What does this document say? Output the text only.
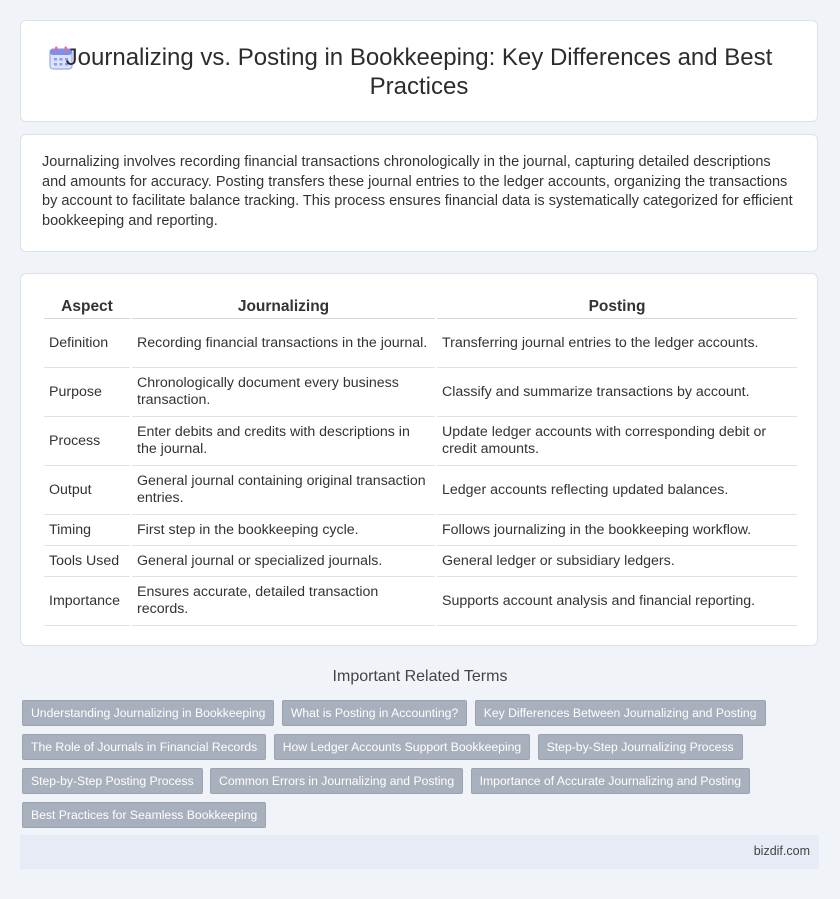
Journalizing vs. Posting in Bookkeeping: Key Differences and Best Practices

Journalizing involves recording financial transactions chronologically in the journal, capturing detailed descriptions and amounts for accuracy. Posting transfers these journal entries to the ledger accounts, organizing the transactions by account to facilitate balance tracking. This process ensures financial data is systematically categorized for efficient bookkeeping and reporting.

Aspect	Journalizing	Posting
Definition	Recording financial transactions in the journal.	Transferring journal entries to the ledger accounts.
Purpose	Chronologically document every business transaction.	Classify and summarize transactions by account.
Process	Enter debits and credits with descriptions in the journal.	Update ledger accounts with corresponding debit or credit amounts.
Output	General journal containing original transaction entries.	Ledger accounts reflecting updated balances.
Timing	First step in the bookkeeping cycle.	Follows journalizing in the bookkeeping workflow.
Tools Used	General journal or specialized journals.	General ledger or subsidiary ledgers.
Importance	Ensures accurate, detailed transaction records.	Supports account analysis and financial reporting.
Important Related Terms
Understanding Journalizing in Bookkeeping What is Posting in Accounting? Key Differences Between Journalizing and Posting The Role of Journals in Financial Records How Ledger Accounts Support Bookkeeping Step-by-Step Journalizing Process Step-by-Step Posting Process Common Errors in Journalizing and Posting Importance of Accurate Journalizing and Posting Best Practices for Seamless Bookkeeping
bizdif.com
